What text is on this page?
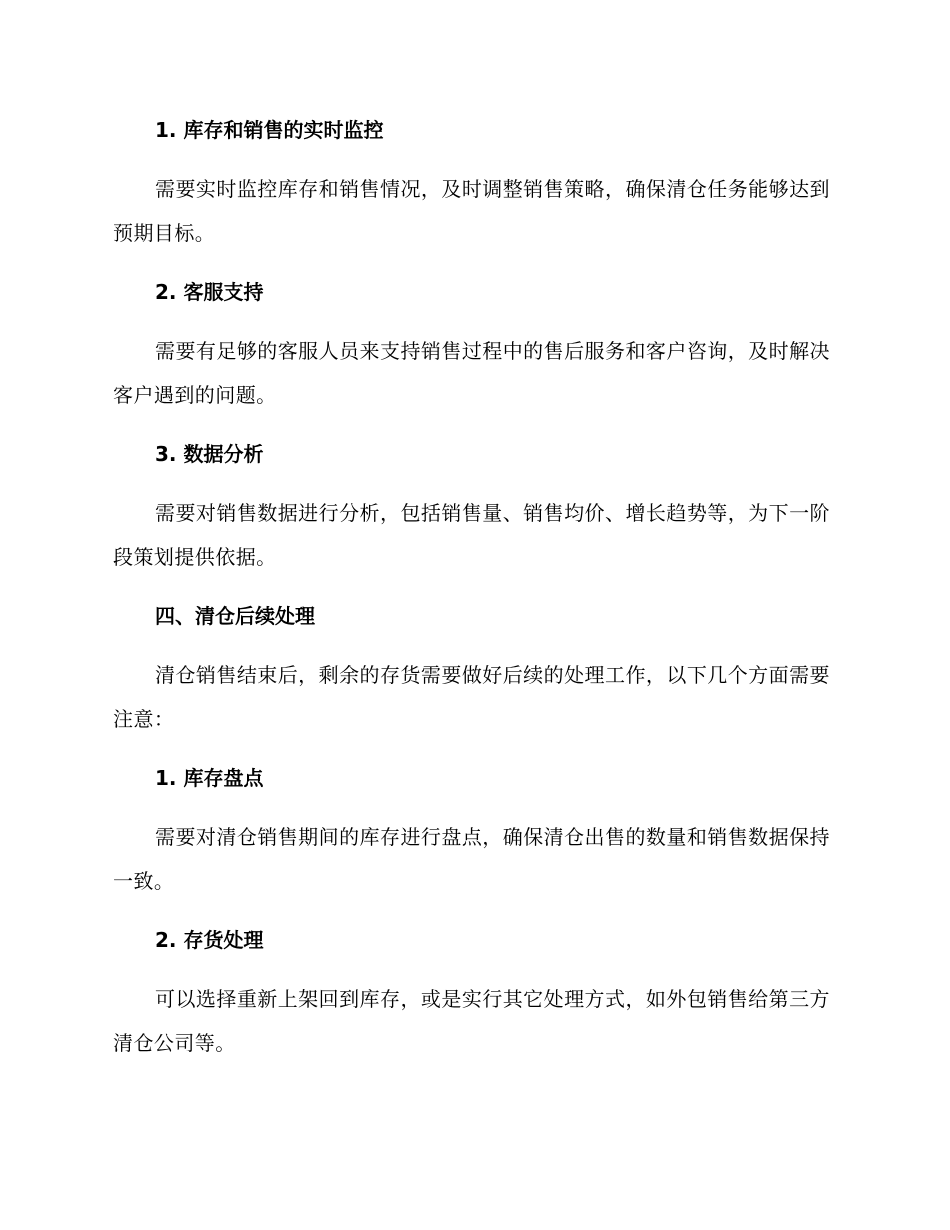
1. 库存和销售的实时监控

需要实时监控库存和销售情况，及时调整销售策略，确保清仓任务能够达到预期目标。

2. 客服支持

需要有足够的客服人员来支持销售过程中的售后服务和客户咨询，及时解决客户遇到的问题。

3. 数据分析

需要对销售数据进行分析，包括销售量、销售均价、增长趋势等，为下一阶段策划提供依据。

四、清仓后续处理

清仓销售结束后，剩余的存货需要做好后续的处理工作，以下几个方面需要注意：

1. 库存盘点

需要对清仓销售期间的库存进行盘点，确保清仓出售的数量和销售数据保持一致。

2. 存货处理

可以选择重新上架回到库存，或是实行其它处理方式，如外包销售给第三方清仓公司等。
